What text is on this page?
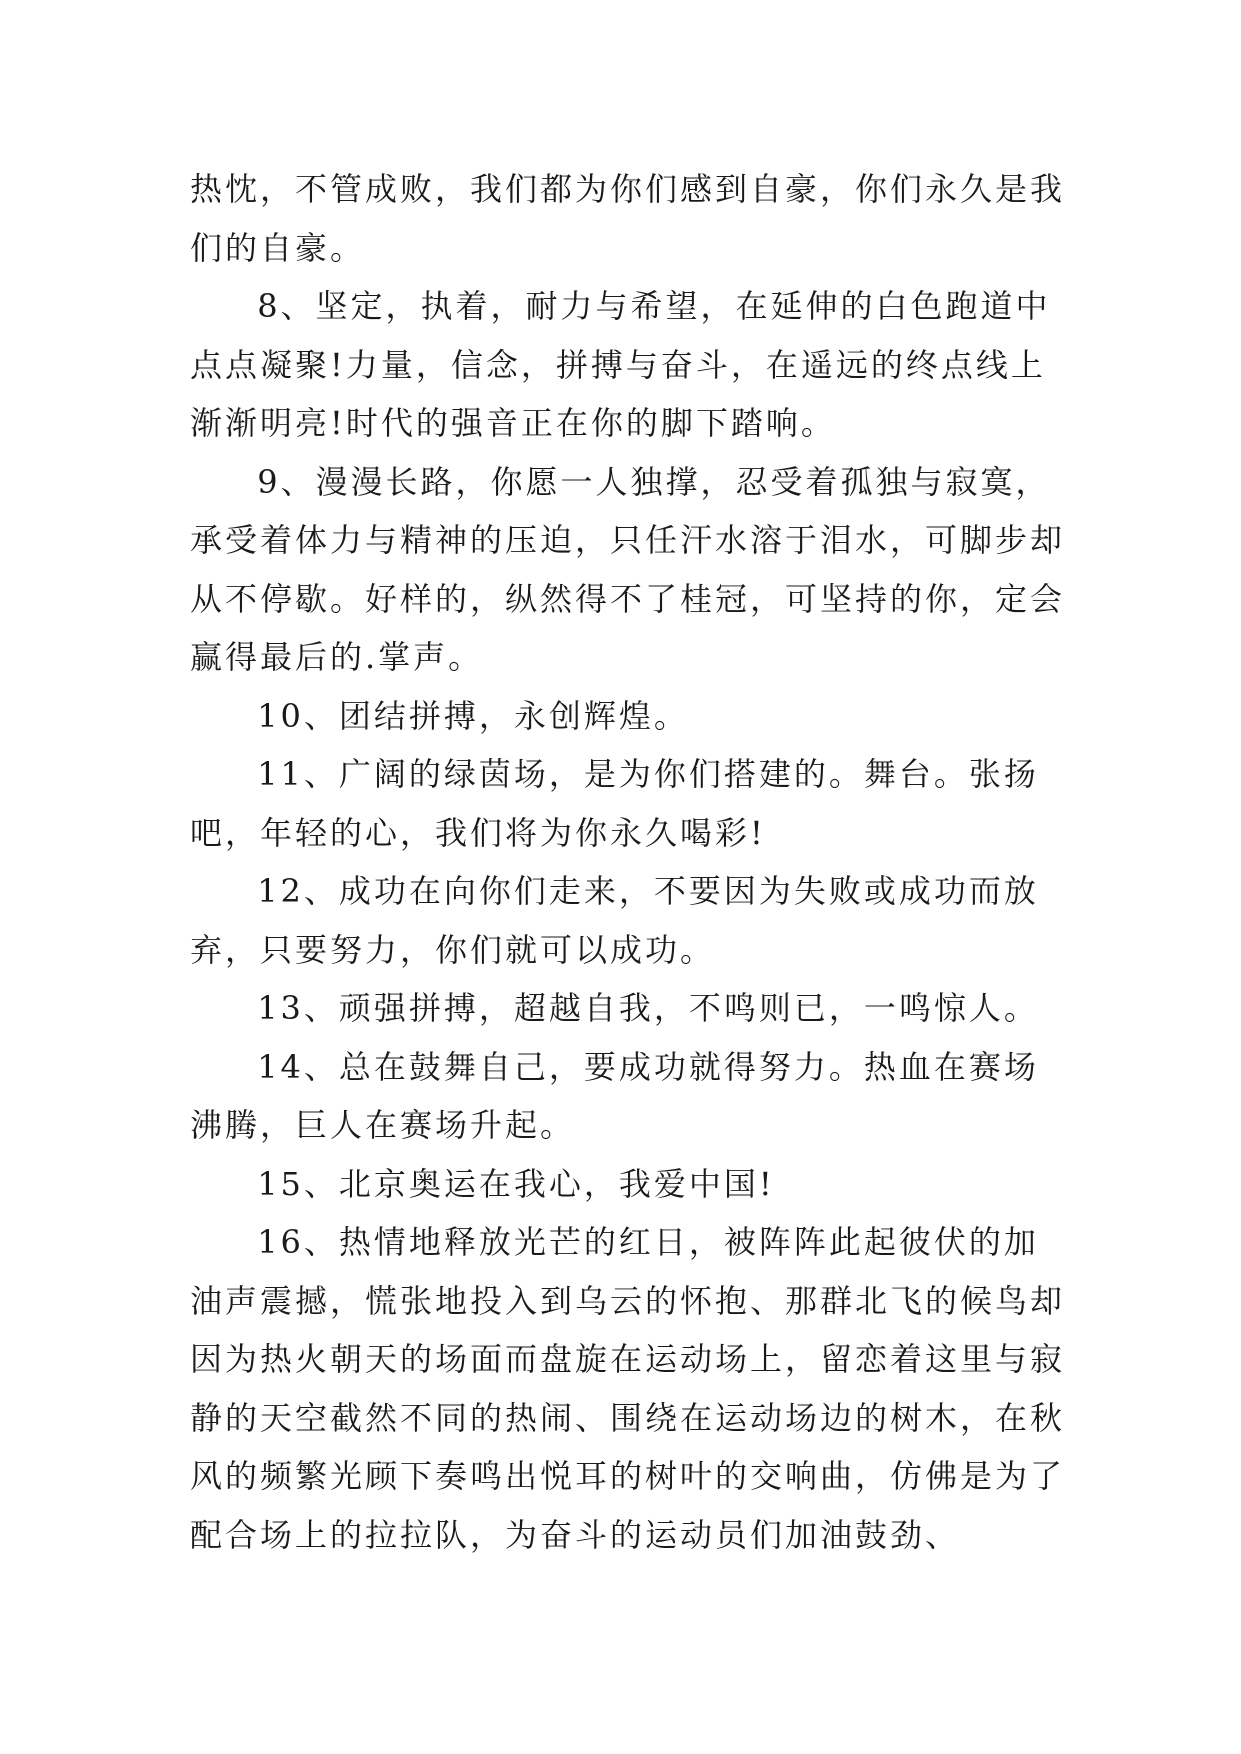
热忱，不管成败，我们都为你们感到自豪，你们永久是我们的自豪。

8、坚定，执着，耐力与希望，在延伸的白色跑道中点点凝聚!力量，信念，拼搏与奋斗，在遥远的终点线上渐渐明亮!时代的强音正在你的脚下踏响。

9、漫漫长路，你愿一人独撑，忍受着孤独与寂寞，承受着体力与精神的压迫，只任汗水溶于泪水，可脚步却从不停歇。好样的，纵然得不了桂冠，可坚持的你，定会赢得最后的.掌声。

10、团结拼搏，永创辉煌。

11、广阔的绿茵场，是为你们搭建的。舞台。张扬吧，年轻的心，我们将为你永久喝彩!

12、成功在向你们走来，不要因为失败或成功而放弃，只要努力，你们就可以成功。

13、顽强拼搏，超越自我，不鸣则已，一鸣惊人。

14、总在鼓舞自己，要成功就得努力。热血在赛场沸腾，巨人在赛场升起。

15、北京奥运在我心，我爱中国!

16、热情地释放光芒的红日，被阵阵此起彼伏的加油声震撼，慌张地投入到乌云的怀抱、那群北飞的候鸟却因为热火朝天的场面而盘旋在运动场上，留恋着这里与寂静的天空截然不同的热闹、围绕在运动场边的树木，在秋风的频繁光顾下奏鸣出悦耳的树叶的交响曲，仿佛是为了配合场上的拉拉队，为奋斗的运动员们加油鼓劲、
